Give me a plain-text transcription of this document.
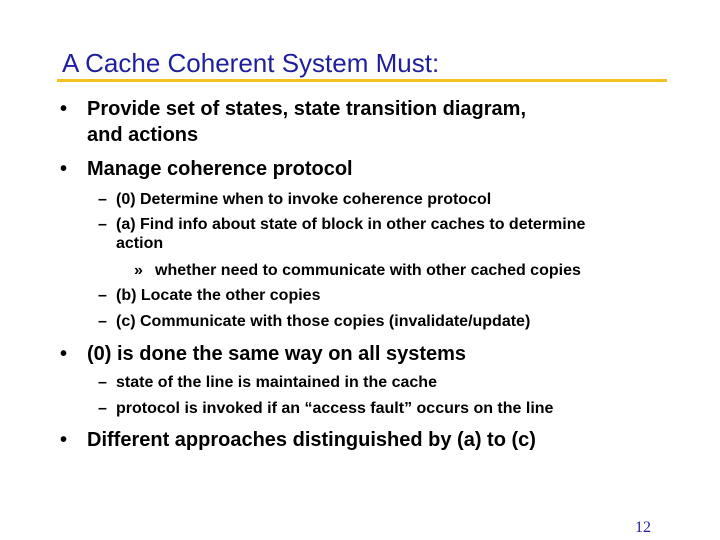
A Cache Coherent System Must:
• Provide set of states, state transition diagram,
and actions
• Manage coherence protocol
– (0) Determine when to invoke coherence protocol
– (a) Find info about state of block in other caches to determine
action
» whether need to communicate with other cached copies
– (b) Locate the other copies
– (c) Communicate with those copies (invalidate/update)
• (0) is done the same way on all systems
– state of the line is maintained in the cache
– protocol is invoked if an “access fault” occurs on the line
• Different approaches distinguished by (a) to (c)
12
